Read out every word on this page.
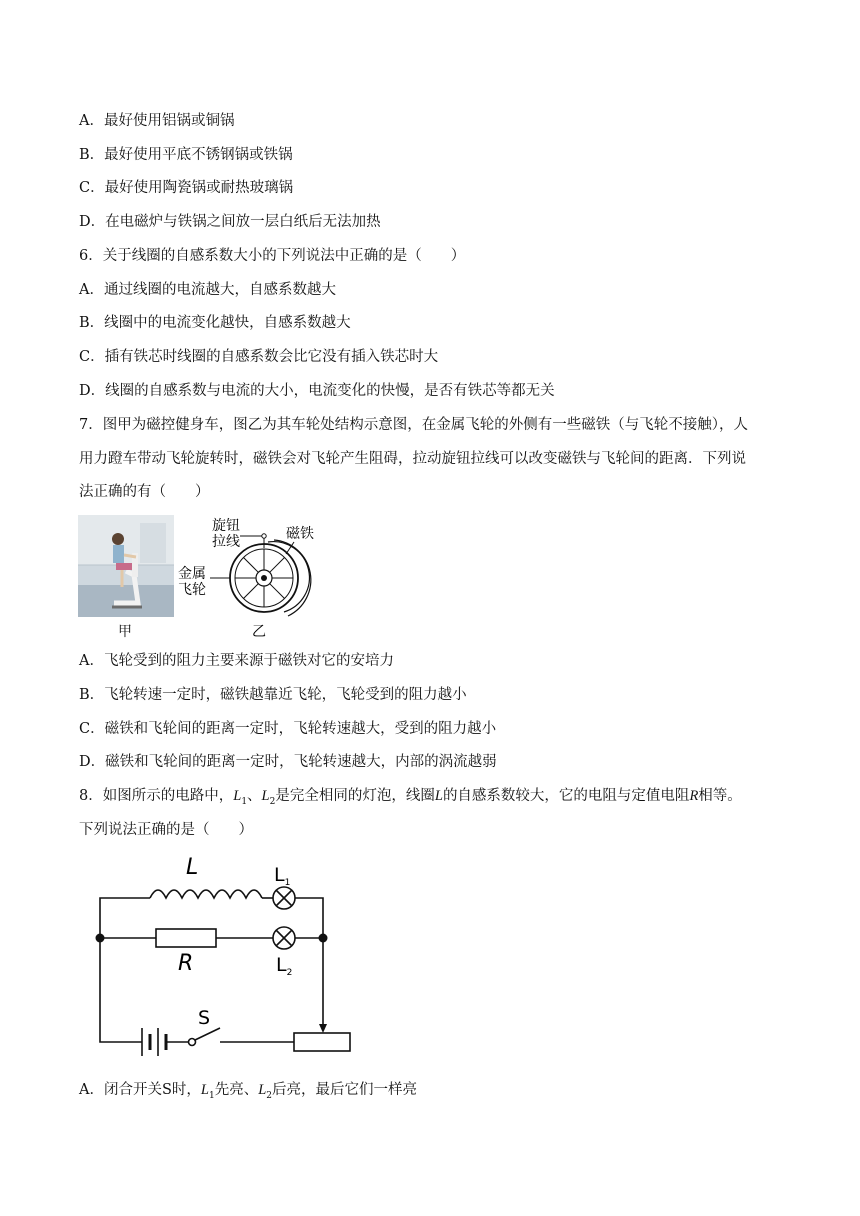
A．最好使用铝锅或铜锅
B．最好使用平底不锈钢锅或铁锅
C．最好使用陶瓷锅或耐热玻璃锅
D．在电磁炉与铁锅之间放一层白纸后无法加热
6．关于线圈的自感系数大小的下列说法中正确的是（　　）
A．通过线圈的电流越大，自感系数越大
B．线圈中的电流变化越快，自感系数越大
C．插有铁芯时线圈的自感系数会比它没有插入铁芯时大
D．线圈的自感系数与电流的大小，电流变化的快慢，是否有铁芯等都无关
7．图甲为磁控健身车，图乙为其车轮处结构示意图，在金属飞轮的外侧有一些磁铁（与飞轮不接触），人
用力蹬车带动飞轮旋转时，磁铁会对飞轮产生阻碍，拉动旋钮拉线可以改变磁铁与飞轮间的距离．下列说
法正确的有（　　）
甲
旋钮
拉线	磁铁
金属
飞轮
乙
A．飞轮受到的阻力主要来源于磁铁对它的安培力
B．飞轮转速一定时，磁铁越靠近飞轮，飞轮受到的阻力越小
C．磁铁和飞轮间的距离一定时，飞轮转速越大，受到的阻力越小
D．磁铁和飞轮间的距离一定时，飞轮转速越大，内部的涡流越弱
8．如图所示的电路中，$L_1$、$L_2$是完全相同的灯泡，线圈L的自感系数较大，它的电阻与定值电阻R相等。
下列说法正确的是（　　）
L	$L_1$
R	$L_2$
S
A．闭合开关S时，$L_1$先亮、$L_2$后亮，最后它们一样亮
